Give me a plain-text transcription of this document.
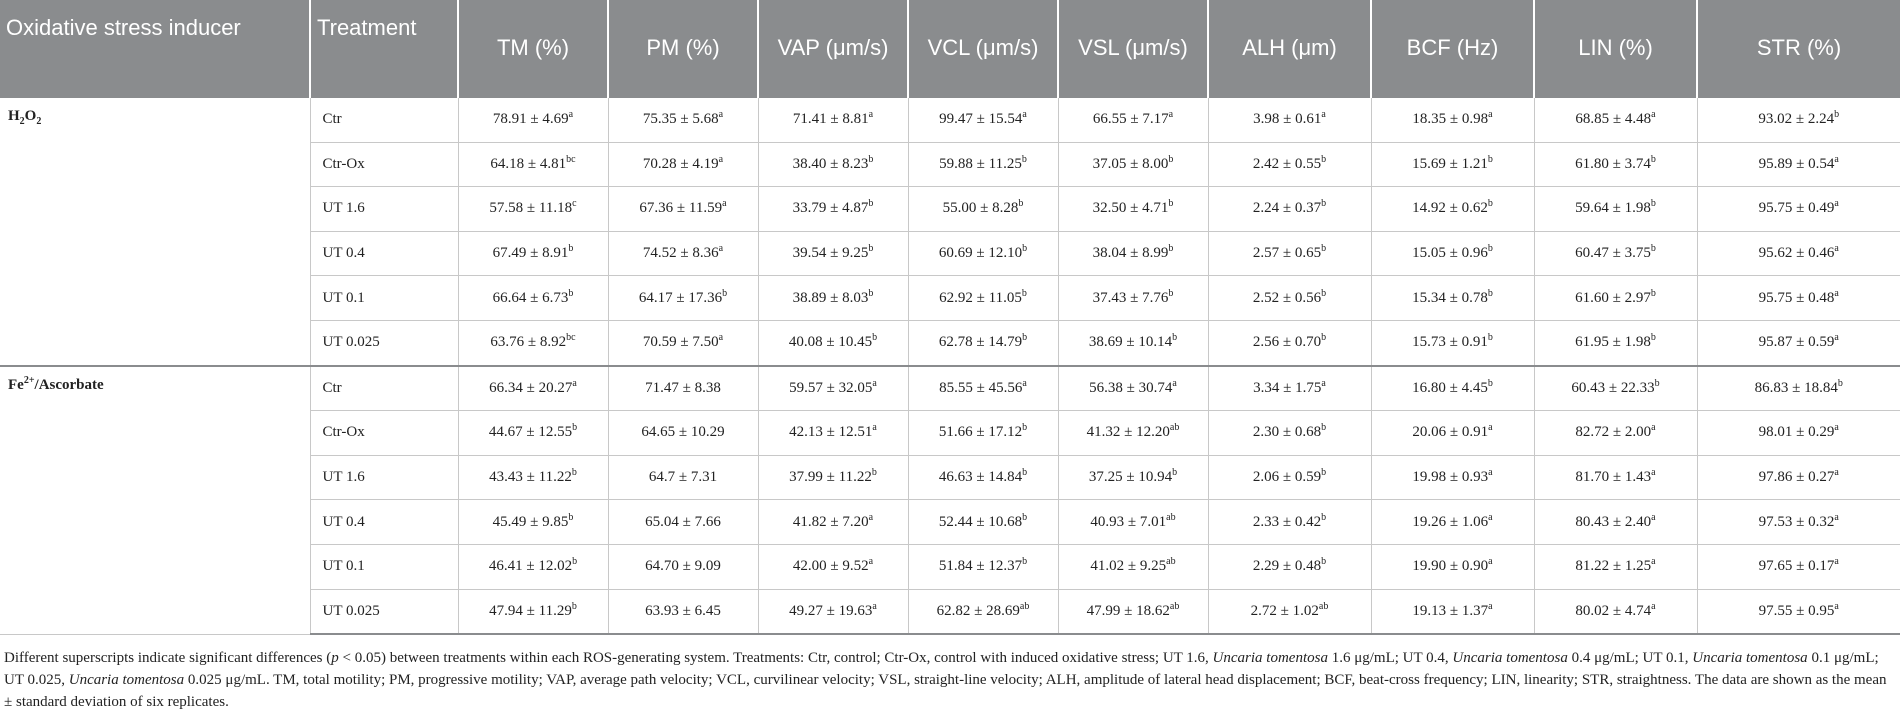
Oxidative stress inducer	Treatment	TM (%)	PM (%)	VAP (μm/s)	VCL (μm/s)	VSL (μm/s)	ALH (μm)	BCF (Hz)	LIN (%)	STR (%)
$H_2O_2$	Ctr	78.91 ± 4.69$^a$	75.35 ± 5.68$^a$	71.41 ± 8.81$^a$	99.47 ± 15.54$^a$	66.55 ± 7.17$^a$	3.98 ± 0.61$^a$	18.35 ± 0.98$^a$	68.85 ± 4.48$^a$	93.02 ± 2.24$^b$
	Ctr-Ox	64.18 ± 4.81$^{bc}$	70.28 ± 4.19$^a$	38.40 ± 8.23$^b$	59.88 ± 11.25$^b$	37.05 ± 8.00$^b$	2.42 ± 0.55$^b$	15.69 ± 1.21$^b$	61.80 ± 3.74$^b$	95.89 ± 0.54$^a$
	UT 1.6	57.58 ± 11.18$^c$	67.36 ± 11.59$^a$	33.79 ± 4.87$^b$	55.00 ± 8.28$^b$	32.50 ± 4.71$^b$	2.24 ± 0.37$^b$	14.92 ± 0.62$^b$	59.64 ± 1.98$^b$	95.75 ± 0.49$^a$
	UT 0.4	67.49 ± 8.91$^b$	74.52 ± 8.36$^a$	39.54 ± 9.25$^b$	60.69 ± 12.10$^b$	38.04 ± 8.99$^b$	2.57 ± 0.65$^b$	15.05 ± 0.96$^b$	60.47 ± 3.75$^b$	95.62 ± 0.46$^a$
	UT 0.1	66.64 ± 6.73$^b$	64.17 ± 17.36$^b$	38.89 ± 8.03$^b$	62.92 ± 11.05$^b$	37.43 ± 7.76$^b$	2.52 ± 0.56$^b$	15.34 ± 0.78$^b$	61.60 ± 2.97$^b$	95.75 ± 0.48$^a$
	UT 0.025	63.76 ± 8.92$^{bc}$	70.59 ± 7.50$^a$	40.08 ± 10.45$^b$	62.78 ± 14.79$^b$	38.69 ± 10.14$^b$	2.56 ± 0.70$^b$	15.73 ± 0.91$^b$	61.95 ± 1.98$^b$	95.87 ± 0.59$^a$
$Fe^{2+}$/Ascorbate	Ctr	66.34 ± 20.27$^a$	71.47 ± 8.38	59.57 ± 32.05$^a$	85.55 ± 45.56$^a$	56.38 ± 30.74$^a$	3.34 ± 1.75$^a$	16.80 ± 4.45$^b$	60.43 ± 22.33$^b$	86.83 ± 18.84$^b$
	Ctr-Ox	44.67 ± 12.55$^b$	64.65 ± 10.29	42.13 ± 12.51$^a$	51.66 ± 17.12$^b$	41.32 ± 12.20$^{ab}$	2.30 ± 0.68$^b$	20.06 ± 0.91$^a$	82.72 ± 2.00$^a$	98.01 ± 0.29$^a$
	UT 1.6	43.43 ± 11.22$^b$	64.7 ± 7.31	37.99 ± 11.22$^b$	46.63 ± 14.84$^b$	37.25 ± 10.94$^b$	2.06 ± 0.59$^b$	19.98 ± 0.93$^a$	81.70 ± 1.43$^a$	97.86 ± 0.27$^a$
	UT 0.4	45.49 ± 9.85$^b$	65.04 ± 7.66	41.82 ± 7.20$^a$	52.44 ± 10.68$^b$	40.93 ± 7.01$^{ab}$	2.33 ± 0.42$^b$	19.26 ± 1.06$^a$	80.43 ± 2.40$^a$	97.53 ± 0.32$^a$
	UT 0.1	46.41 ± 12.02$^b$	64.70 ± 9.09	42.00 ± 9.52$^a$	51.84 ± 12.37$^b$	41.02 ± 9.25$^{ab}$	2.29 ± 0.48$^b$	19.90 ± 0.90$^a$	81.22 ± 1.25$^a$	97.65 ± 0.17$^a$
	UT 0.025	47.94 ± 11.29$^b$	63.93 ± 6.45	49.27 ± 19.63$^a$	62.82 ± 28.69$^{ab}$	47.99 ± 18.62$^{ab}$	2.72 ± 1.02$^{ab}$	19.13 ± 1.37$^a$	80.02 ± 4.74$^a$	97.55 ± 0.95$^a$
Different superscripts indicate significant differences (p < 0.05) between treatments within each ROS-generating system. Treatments: Ctr, control; Ctr-Ox, control with induced oxidative stress; UT 1.6, Uncaria tomentosa 1.6 μg/mL; UT 0.4, Uncaria tomentosa 0.4 μg/mL; UT 0.1, Uncaria tomentosa 0.1 μg/mL; UT 0.025, Uncaria tomentosa 0.025 μg/mL. TM, total motility; PM, progressive motility; VAP, average path velocity; VCL, curvilinear velocity; VSL, straight-line velocity; ALH, amplitude of lateral head displacement; BCF, beat-cross frequency; LIN, linearity; STR, straightness. The data are shown as the mean ± standard deviation of six replicates.
